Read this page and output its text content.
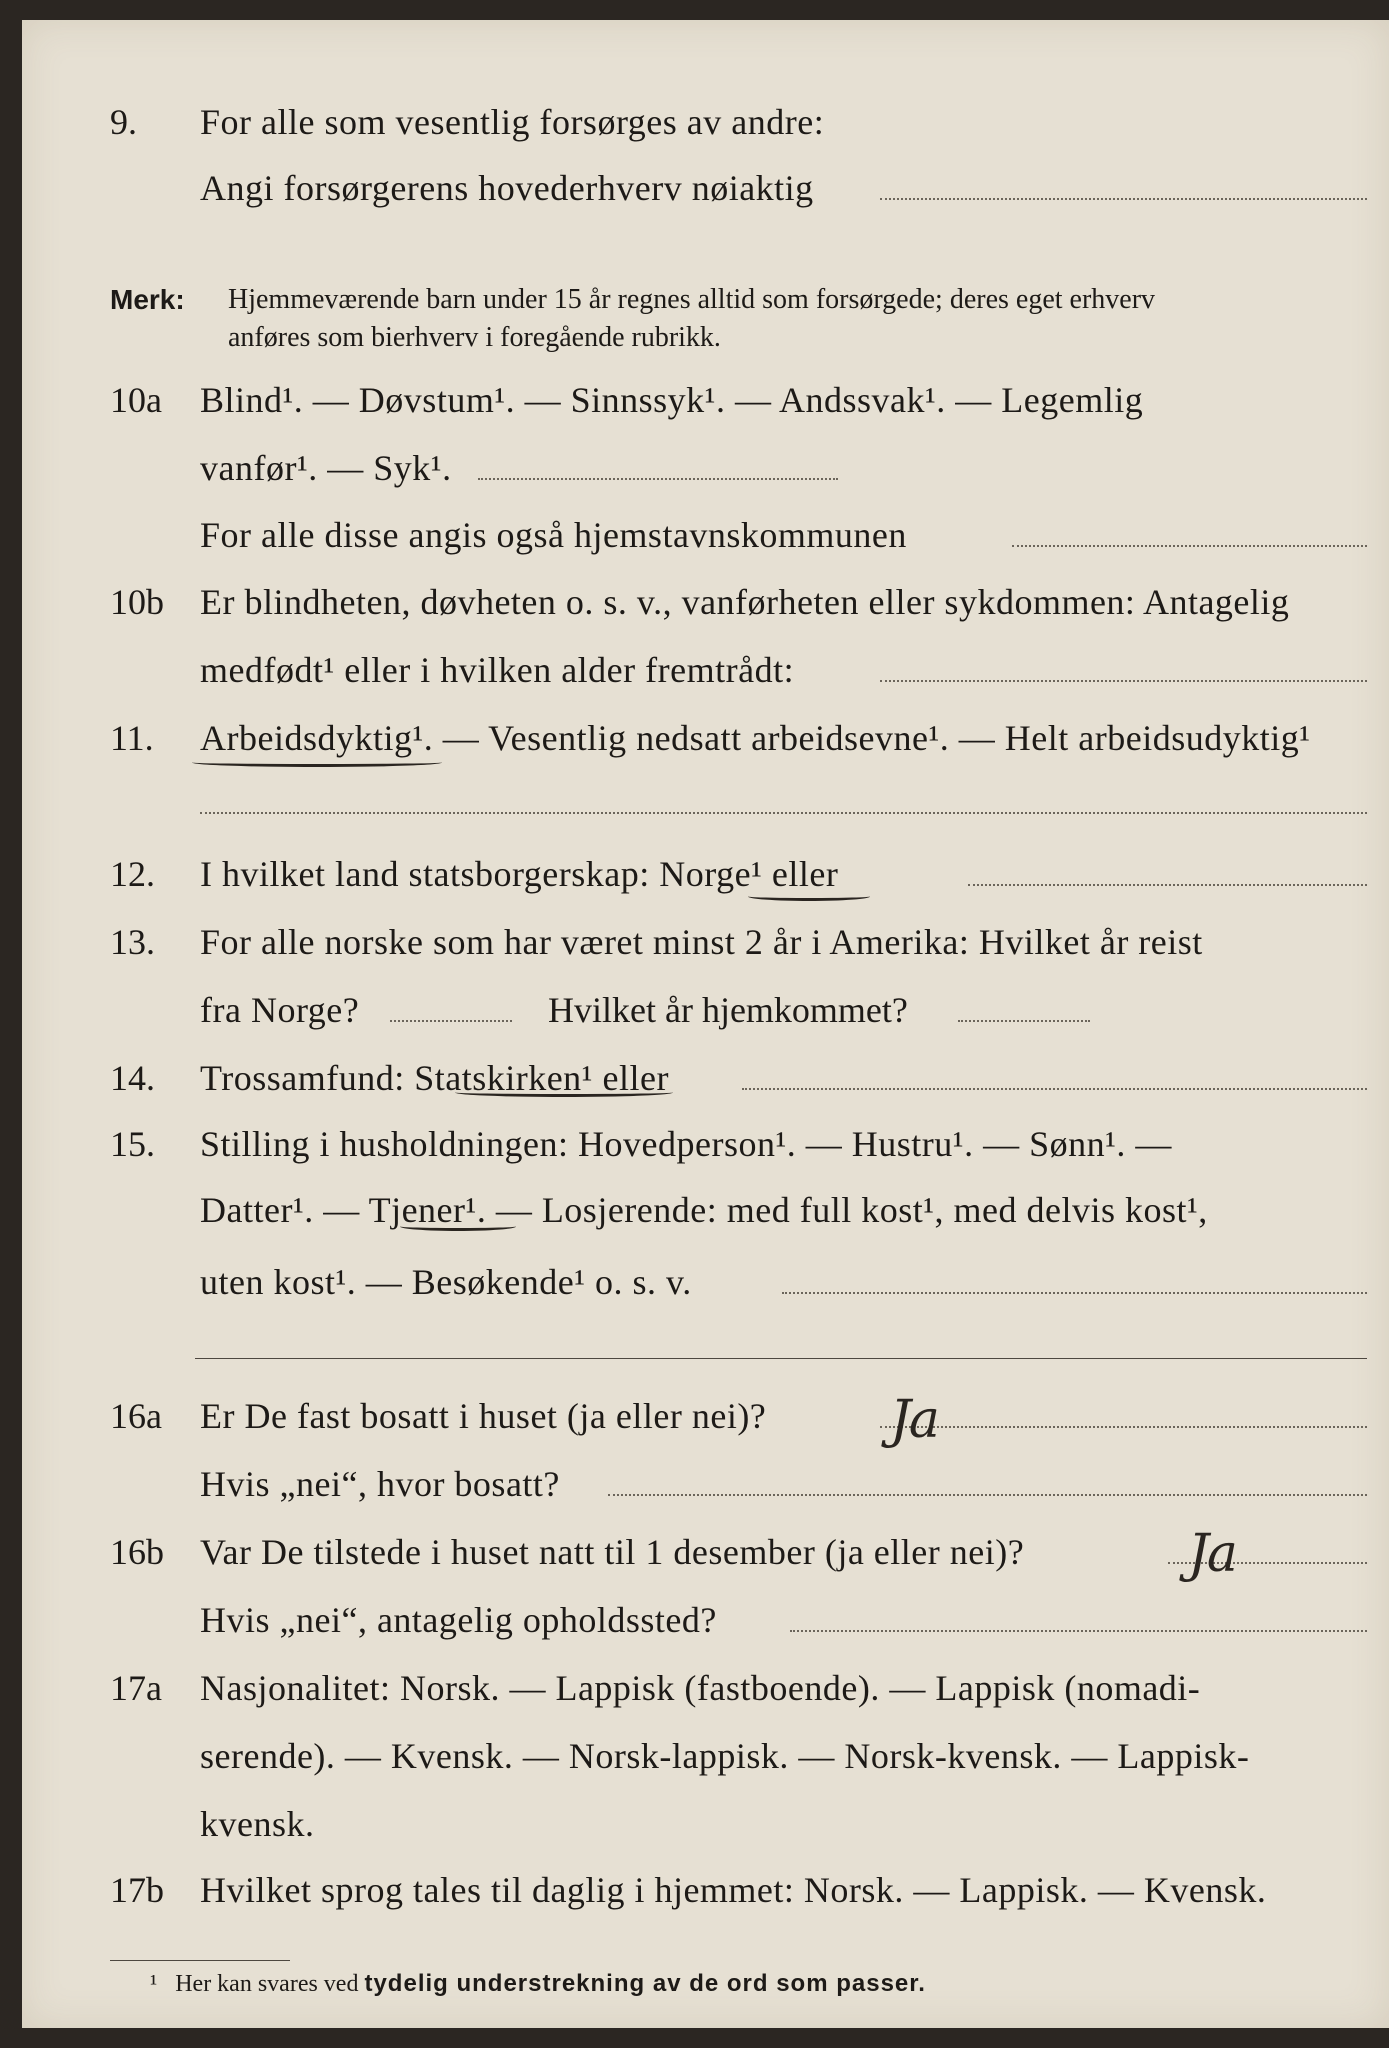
9. For alle som vesentlig forsørges av andre:
Angi forsørgerens hovederhverv nøiaktig
Merk: Hjemmeværende barn under 15 år regnes alltid som forsørgede; deres eget erhverv
anføres som bierhverv i foregående rubrikk.
10a Blind¹. — Døvstum¹. — Sinnssyk¹. — Andssvak¹. — Legemlig
vanfør¹. — Syk¹.
For alle disse angis også hjemstavnskommunen
10b Er blindheten, døvheten o. s. v., vanførheten eller sykdommen: Antagelig
medfødt¹ eller i hvilken alder fremtrådt:
11. Arbeidsdyktig¹. — Vesentlig nedsatt arbeidsevne¹. — Helt arbeidsudyktig¹
12. I hvilket land statsborgerskap: Norge¹ eller
13. For alle norske som har været minst 2 år i Amerika: Hvilket år reist
fra Norge?	Hvilket år hjemkommet?
14. Trossamfund: Statskirken¹ eller
15. Stilling i husholdningen: Hovedperson¹. — Hustru¹. — Sønn¹. —
Datter¹. — Tjener¹. — Losjerende: med full kost¹, med delvis kost¹,
uten kost¹. — Besøkende¹ o. s. v.
16a Er De fast bosatt i huset (ja eller nei)? Ja
Hvis „nei“, hvor bosatt?
16b Var De tilstede i huset natt til 1 desember (ja eller nei)?	Ja
Hvis „nei“, antagelig opholdssted?
17a Nasjonalitet: Norsk. — Lappisk (fastboende). — Lappisk (nomadi-
serende). — Kvensk. — Norsk-lappisk. — Norsk-kvensk. — Lappisk-
kvensk.
17b Hvilket sprog tales til daglig i hjemmet: Norsk. — Lappisk. — Kvensk.
¹ Her kan svares ved tydelig understrekning av de ord som passer.
